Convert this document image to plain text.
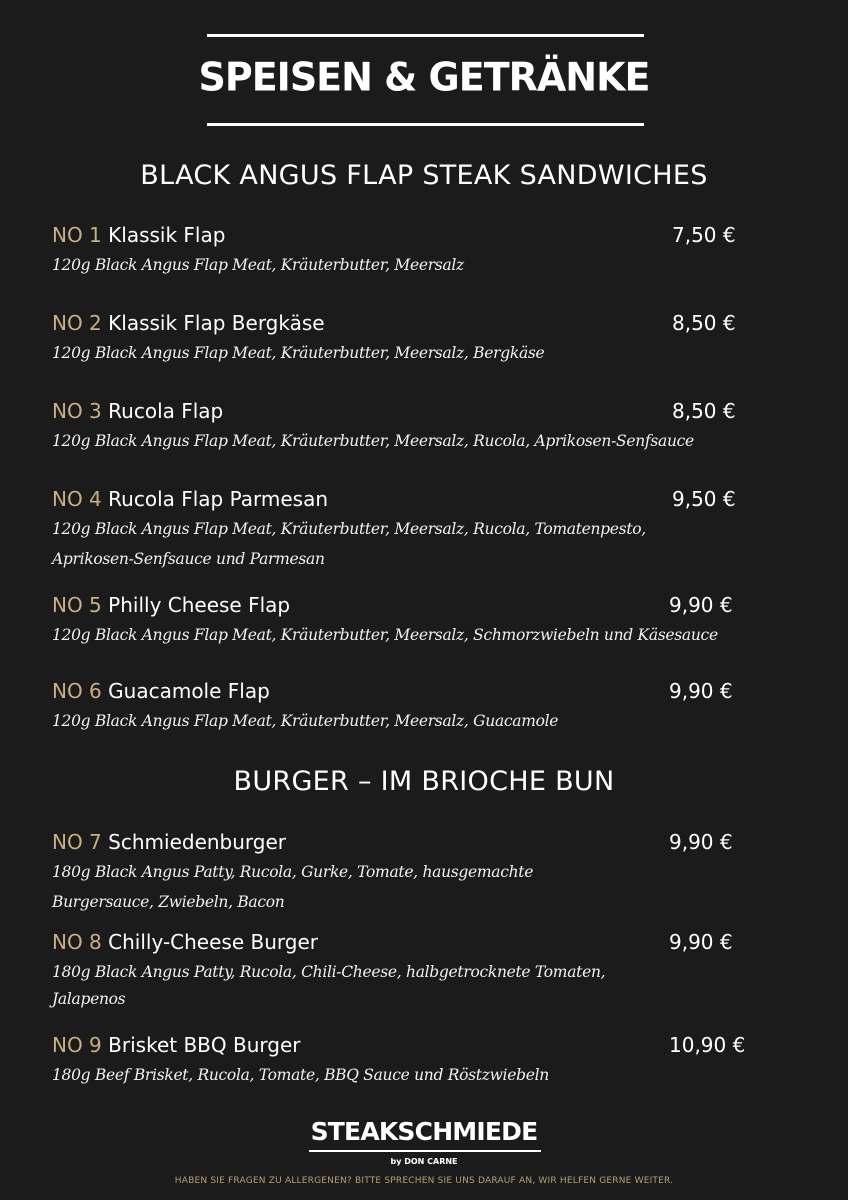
SPEISEN & GETRÄNKE
BLACK ANGUS FLAP STEAK SANDWICHES
NO 1 Klassik Flap	7,50 €
120g Black Angus Flap Meat, Kräuterbutter, Meersalz
NO 2 Klassik Flap Bergkäse	8,50 €
120g Black Angus Flap Meat, Kräuterbutter, Meersalz, Bergkäse
NO 3 Rucola Flap	8,50 €
120g Black Angus Flap Meat, Kräuterbutter, Meersalz, Rucola, Aprikosen-Senfsauce
NO 4 Rucola Flap Parmesan	9,50 €
120g Black Angus Flap Meat, Kräuterbutter, Meersalz, Rucola, Tomatenpesto,
Aprikosen-Senfsauce und Parmesan
NO 5 Philly Cheese Flap	9,90 €
120g Black Angus Flap Meat, Kräuterbutter, Meersalz, Schmorzwiebeln und Käsesauce
NO 6 Guacamole Flap	9,90 €
120g Black Angus Flap Meat, Kräuterbutter, Meersalz, Guacamole
BURGER – IM BRIOCHE BUN
NO 7 Schmiedenburger	9,90 €
180g Black Angus Patty, Rucola, Gurke, Tomate, hausgemachte
Burgersauce, Zwiebeln, Bacon
NO 8 Chilly-Cheese Burger	9,90 €
180g Black Angus Patty, Rucola, Chili-Cheese, halbgetrocknete Tomaten,
Jalapenos
NO 9 Brisket BBQ Burger	10,90 €
180g Beef Brisket, Rucola, Tomate, BBQ Sauce und Röstzwiebeln
STEAKSCHMIEDE
by DON CARNE
HABEN SIE FRAGEN ZU ALLERGENEN? BITTE SPRECHEN SIE UNS DARAUF AN, WIR HELFEN GERNE WEITER.
